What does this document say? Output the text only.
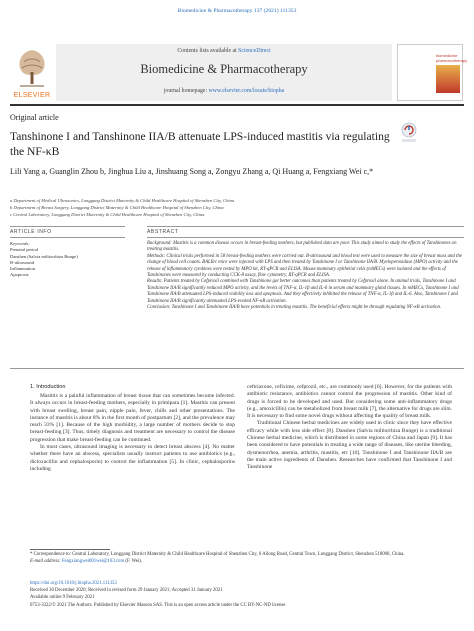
Biomedicine & Pharmacotherapy 137 (2021) 111353
Contents lists available at ScienceDirect
Biomedicine & Pharmacotherapy
journal homepage: www.elsevier.com/locate/biopha
ELSEVIER
biomedicine
pharmacotherapy
Original article
Tanshinone I and Tanshinone IIA/B attenuate LPS-induced mastitis via regulating the NF-κB
Lili Yang a, Guanglin Zhou b, Jinghua Liu a, Jinshuang Song a, Zongyu Zhang a, Qi Huang a, Fengxiang Wei c,*
a Department of Medical Ultrasonics, Longgang District Maternity & Child Healthcare Hospital of Shenzhen City, China
b Department of Breast Surgery, Longgang District Maternity & Child Healthcare Hospital of Shenzhen City, China
c Central Laboratory, Longgang District Maternity & Child Healthcare Hospital of Shenzhen City, China
ARTICLE INFO
Keywords:
Prenatal period
Danshen (Salvia miltiorrhiza Bunge)
B-ultrasound
Inflammation
Apoptosis
ABSTRACT

Background: Mastitis is a common disease occurs in breast-feeding mothers, but published data are poor. This study aimed to study the effects of Tanshinones on treating mastitis.

Methods: Clinical trials performed in 58 breast-feeding mothers were carried out. B-ultrasound and blood test were used to measure the size of breast mass and the change of blood cell counts. BALB/c mice were injected with LPS and then treated by Tanshinone I or Tanshinone IIA/B. Myeloperoxidase (MPO) activity and the release of inflammatory cytokines were tested by MPO kit, RT-qPCR and ELISA. Mouse mammary epithelial cells (mMECs) were isolated and the effects of Tanshinones were measured by conducting CCK-8 assay, flow cytometry, RT-qPCR and ELISA.

Results: Patients treated by Cefproxil combined with Tanshinone got better outcomes than patients treated by Cefproxil alone. In animal trials, Tanshinone I and Tanshinone IIA/B significantly reduced MPO activity, and the levels of TNF-α, IL-1β and IL-6 in serum and mammary gland tissues. In mMECs, Tanshinone I and Tanshinone IIA/B attenuated LPS-induced viability loss and apoptosis. And they effectively inhibited the release of TNF-α, IL-1β and IL-6. Also, Tanshinone I and Tanshinone IIA/B significantly attenuated LPS-evoked NF-κB activation.

Conclusion: Tanshinone I and Tanshinone IIA/B have potentials in treating mastitis. The beneficial effects might be through regulating NF-κB activation.

1. Introduction

Mastitis is a painful inflammation of breast tissue that can sometimes become infected. It always occurs in breast-feeding mothers, especially in primipara [1]. Mastitis can present with breast swelling, breast pain, nipple pain, fever, chills and other presentations. The instance of mastitis is about 8% in the first month of postpartum [2], and the prevalence may reach 33% [1]. Because of the high morbidity, a large number of mothers decide to stop breast-feeding [3]. Thus, timely diagnosis and treatment are necessary to control the disease progression that make breast-feeding can be continued.

In most cases, ultrasound imaging is necessary to detect breast abscess [4]. No matter whether there have an abscess, specialists usually instruct patients to use antibiotics (e.g., dicloxacillin and cephalosporin) to control the inflammation [5]. In clinic, cephalosporins including

ceftriaxone, cefixime, cefprozil, etc., are commonly used [6]. However, for the patients with antibiotic resistance, antibiotics cannot control the progression of mastitis. Other kind of drugs is forced to be developed and used. But considering some anti-inflammatory drugs (e.g., amoxicillin) can be metabolized from breast milk [7], the alternative for drugs are slim. It is necessary to find some novel drugs without affecting the quality of breast milk.

Traditional Chinese herbal medicines are widely used in clinic since they have effective efficacy while with less side effect [8]. Danshen (Salvia miltiorrhiza Bunge) is a traditional Chinese herbal medicine, which is distributed in some regions of China and Japan [9]. It has been considered to have potentials in treating a wide range of diseases, like uterine bleeding, dysmenorrhea, anemia, arthritis, mastitis, etc [10]. Tanshinone I and Tanshinone IIA/B are the main active ingredients of Danshen. Researches have confirmed that Tanshinone I and Tanshinone

* Correspondence to: Central Laboratory, Longgang District Maternity & Child Healthcare Hospital of Shenzhen City, 6 Ailong Road, Central Town, Longgang District, Shenzhen 518000, China.
E-mail address: Fengxiangwei001wei@163.com (F. Wei).
https://doi.org/10.1016/j.biopha.2021.111353
Received 30 December 2020; Received in revised form 29 January 2021; Accepted 31 January 2021
Available online 9 February 2021
0753-3322/© 2021 The Authors. Published by Elsevier Masson SAS. This is an open access article under the CC BY-NC-ND license
